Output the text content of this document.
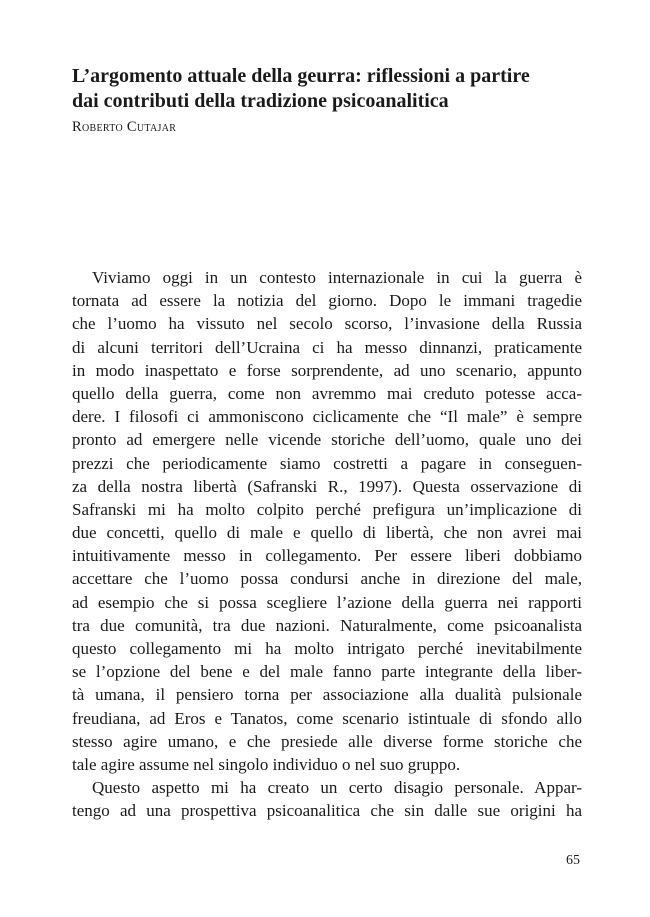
L’argomento attuale della geurra: riflessioni a partire
dai contributi della tradizione psicoanalitica
Roberto Cutajar
Viviamo oggi in un contesto internazionale in cui la guerra è
tornata ad essere la notizia del giorno. Dopo le immani tragedie
che l’uomo ha vissuto nel secolo scorso, l’invasione della Russia
di alcuni territori dell’Ucraina ci ha messo dinnanzi, praticamente
in modo inaspettato e forse sorprendente, ad uno scenario, appunto
quello della guerra, come non avremmo mai creduto potesse acca-
dere. I filosofi ci ammoniscono ciclicamente che “Il male” è sempre
pronto ad emergere nelle vicende storiche dell’uomo, quale uno dei
prezzi che periodicamente siamo costretti a pagare in conseguen-
za della nostra libertà (Safranski R., 1997). Questa osservazione di
Safranski mi ha molto colpito perché prefigura un’implicazione di
due concetti, quello di male e quello di libertà, che non avrei mai
intuitivamente messo in collegamento. Per essere liberi dobbiamo
accettare che l’uomo possa condursi anche in direzione del male,
ad esempio che si possa scegliere l’azione della guerra nei rapporti
tra due comunità, tra due nazioni. Naturalmente, come psicoanalista
questo collegamento mi ha molto intrigato perché inevitabilmente
se l’opzione del bene e del male fanno parte integrante della liber-
tà umana, il pensiero torna per associazione alla dualità pulsionale
freudiana, ad Eros e Tanatos, come scenario istintuale di sfondo allo
stesso agire umano, e che presiede alle diverse forme storiche che
tale agire assume nel singolo individuo o nel suo gruppo.
Questo aspetto mi ha creato un certo disagio personale. Appar-
tengo ad una prospettiva psicoanalitica che sin dalle sue origini ha
65
